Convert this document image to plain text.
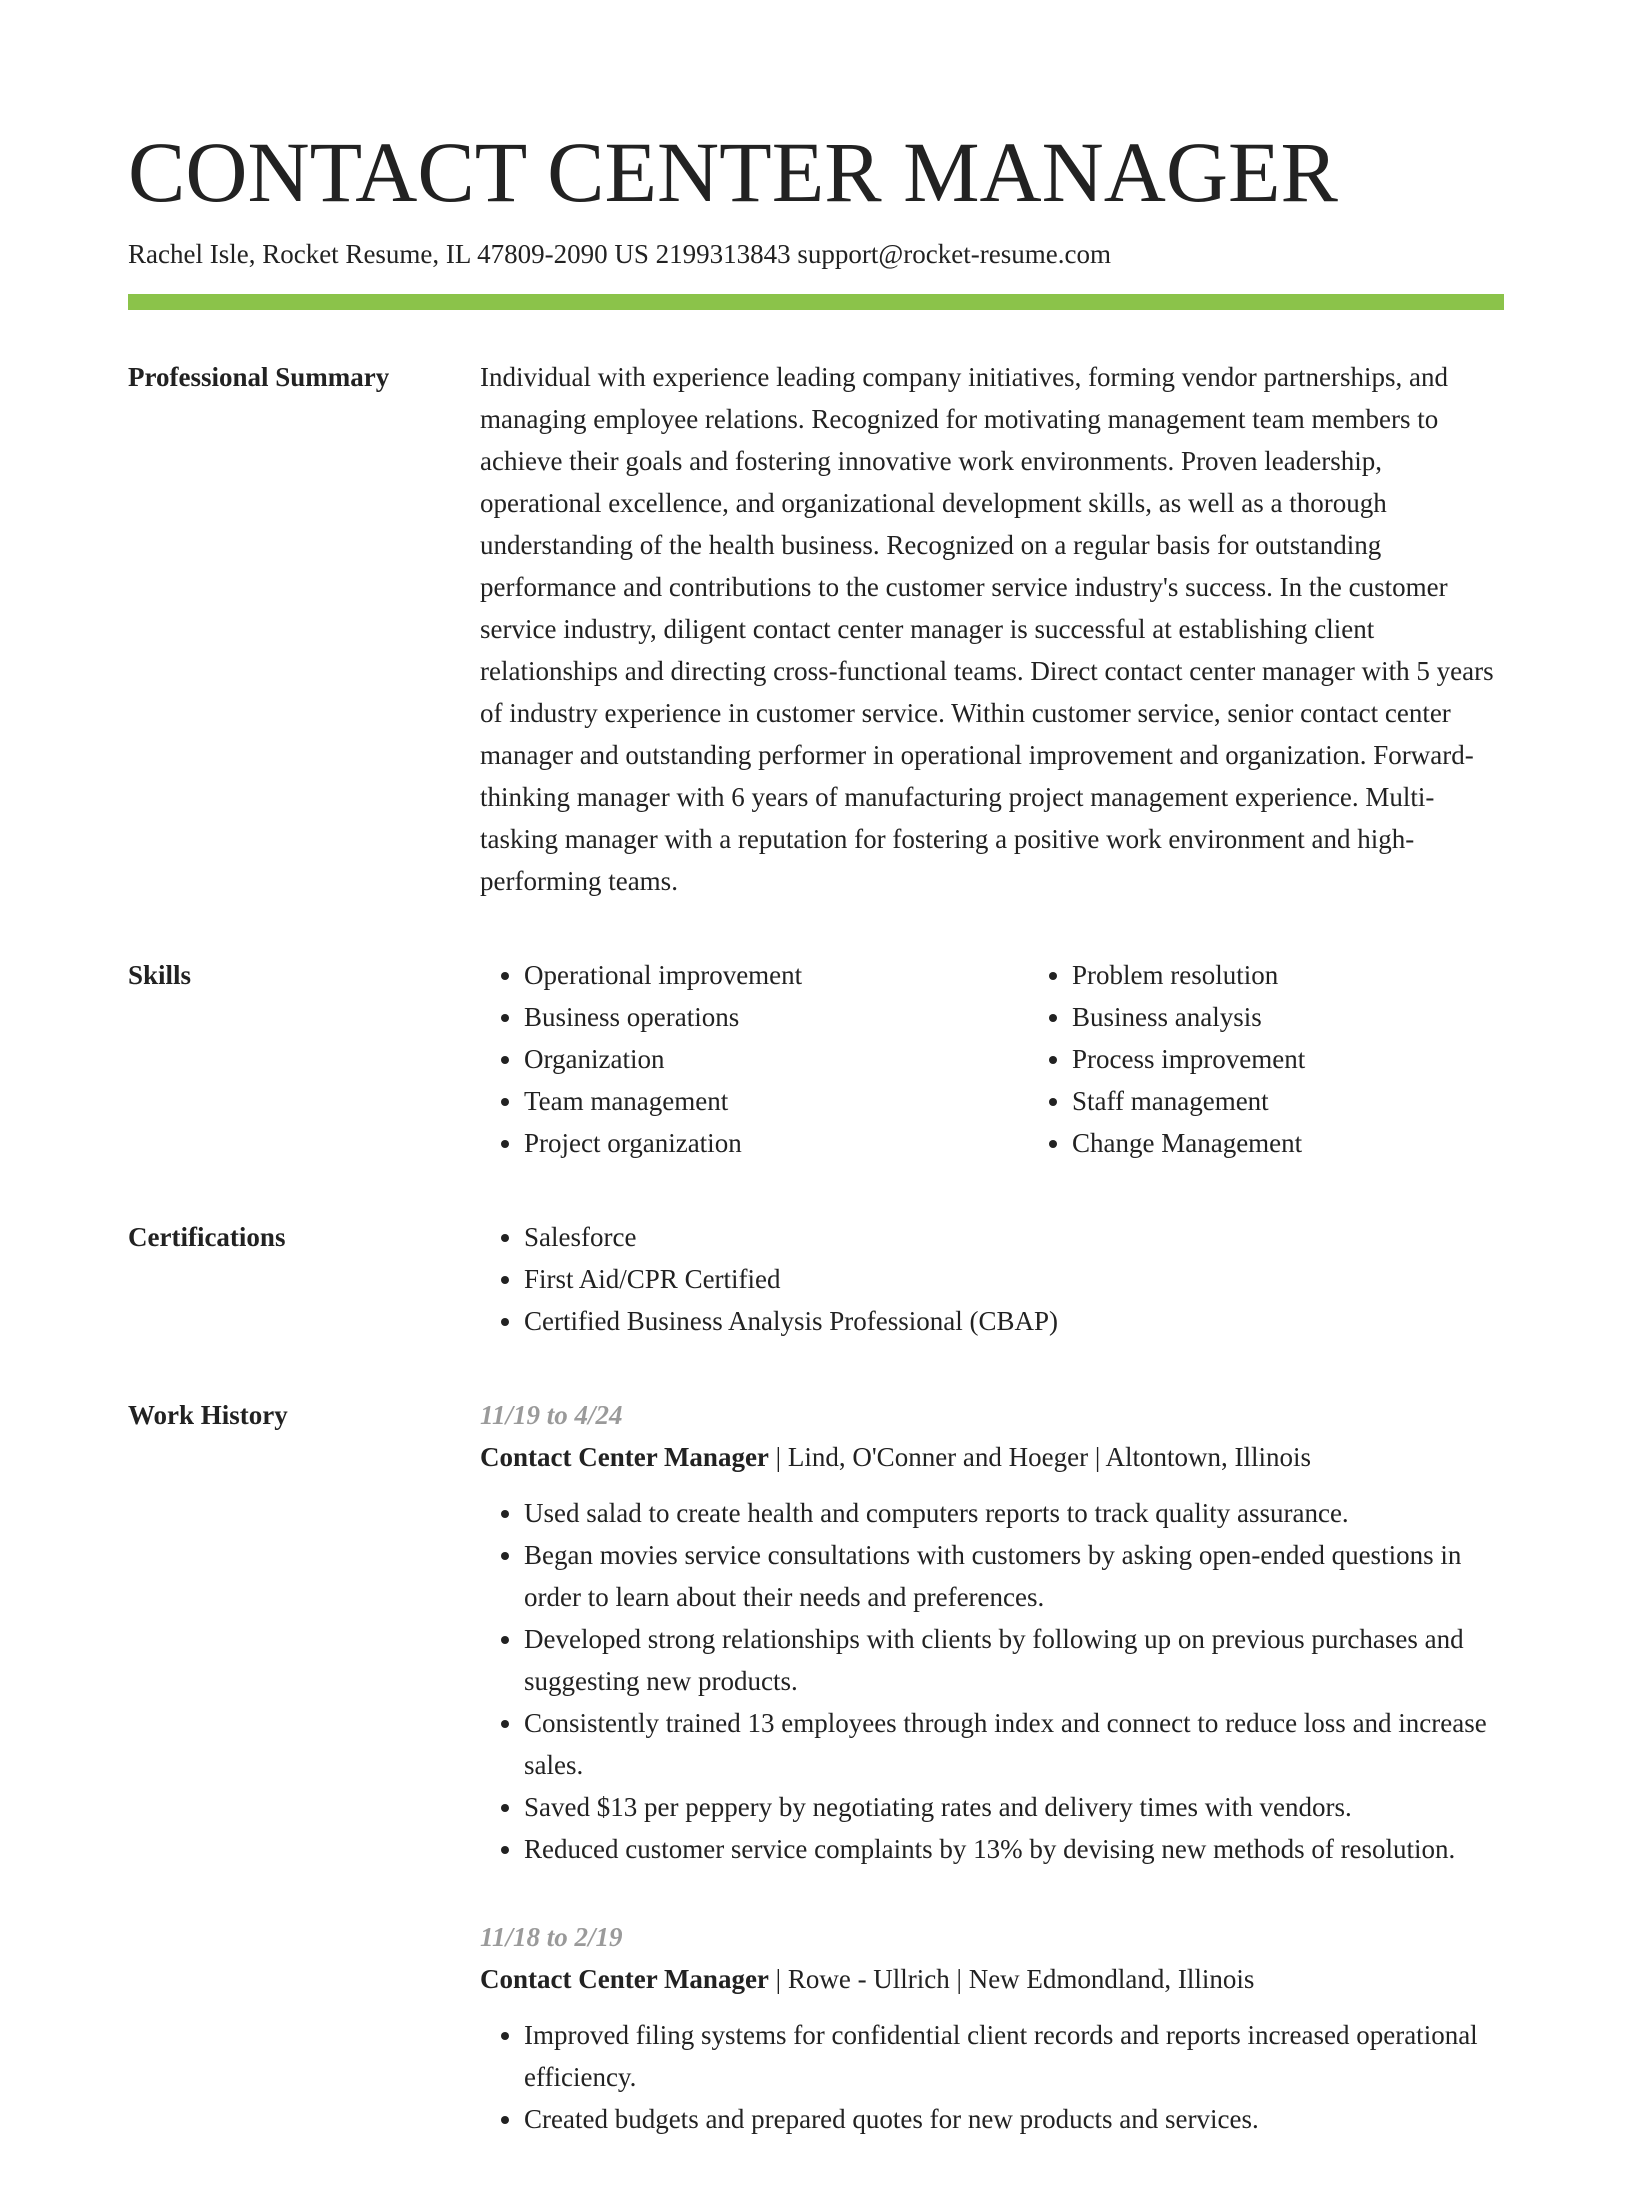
CONTACT CENTER MANAGER
Rachel Isle, Rocket Resume, IL 47809-2090 US 2199313843 support@rocket-resume.com
Professional Summary	Individual with experience leading company initiatives, forming vendor partnerships, and managing employee relations. Recognized for motivating management team members to achieve their goals and fostering innovative work environments. Proven leadership, operational excellence, and organizational development skills, as well as a thorough understanding of the health business. Recognized on a regular basis for outstanding performance and contributions to the customer service industry's success. In the customer service industry, diligent contact center manager is successful at establishing client relationships and directing cross-functional teams. Direct contact center manager with 5 years of industry experience in customer service. Within customer service, senior contact center manager and outstanding performer in operational improvement and organization. Forward-thinking manager with 6 years of manufacturing project management experience. Multi-tasking manager with a reputation for fostering a positive work environment and high-performing teams.

Skills	• Operational improvement
• Business operations
• Organization
• Team management
• Project organization
• Problem resolution
• Business analysis
• Process improvement
• Staff management
• Change Management
Certifications	• Salesforce
• First Aid/CPR Certified
• Certified Business Analysis Professional (CBAP)
Work History	11/19 to 4/24
Contact Center Manager | Lind, O'Conner and Hoeger | Altontown, Illinois
• Used salad to create health and computers reports to track quality assurance.
• Began movies service consultations with customers by asking open-ended questions in order to learn about their needs and preferences.
• Developed strong relationships with clients by following up on previous purchases and suggesting new products.
• Consistently trained 13 employees through index and connect to reduce loss and increase sales.
• Saved $13 per peppery by negotiating rates and delivery times with vendors.
• Reduced customer service complaints by 13% by devising new methods of resolution.
11/18 to 2/19
Contact Center Manager | Rowe - Ullrich | New Edmondland, Illinois
• Improved filing systems for confidential client records and reports increased operational efficiency.
• Created budgets and prepared quotes for new products and services.
